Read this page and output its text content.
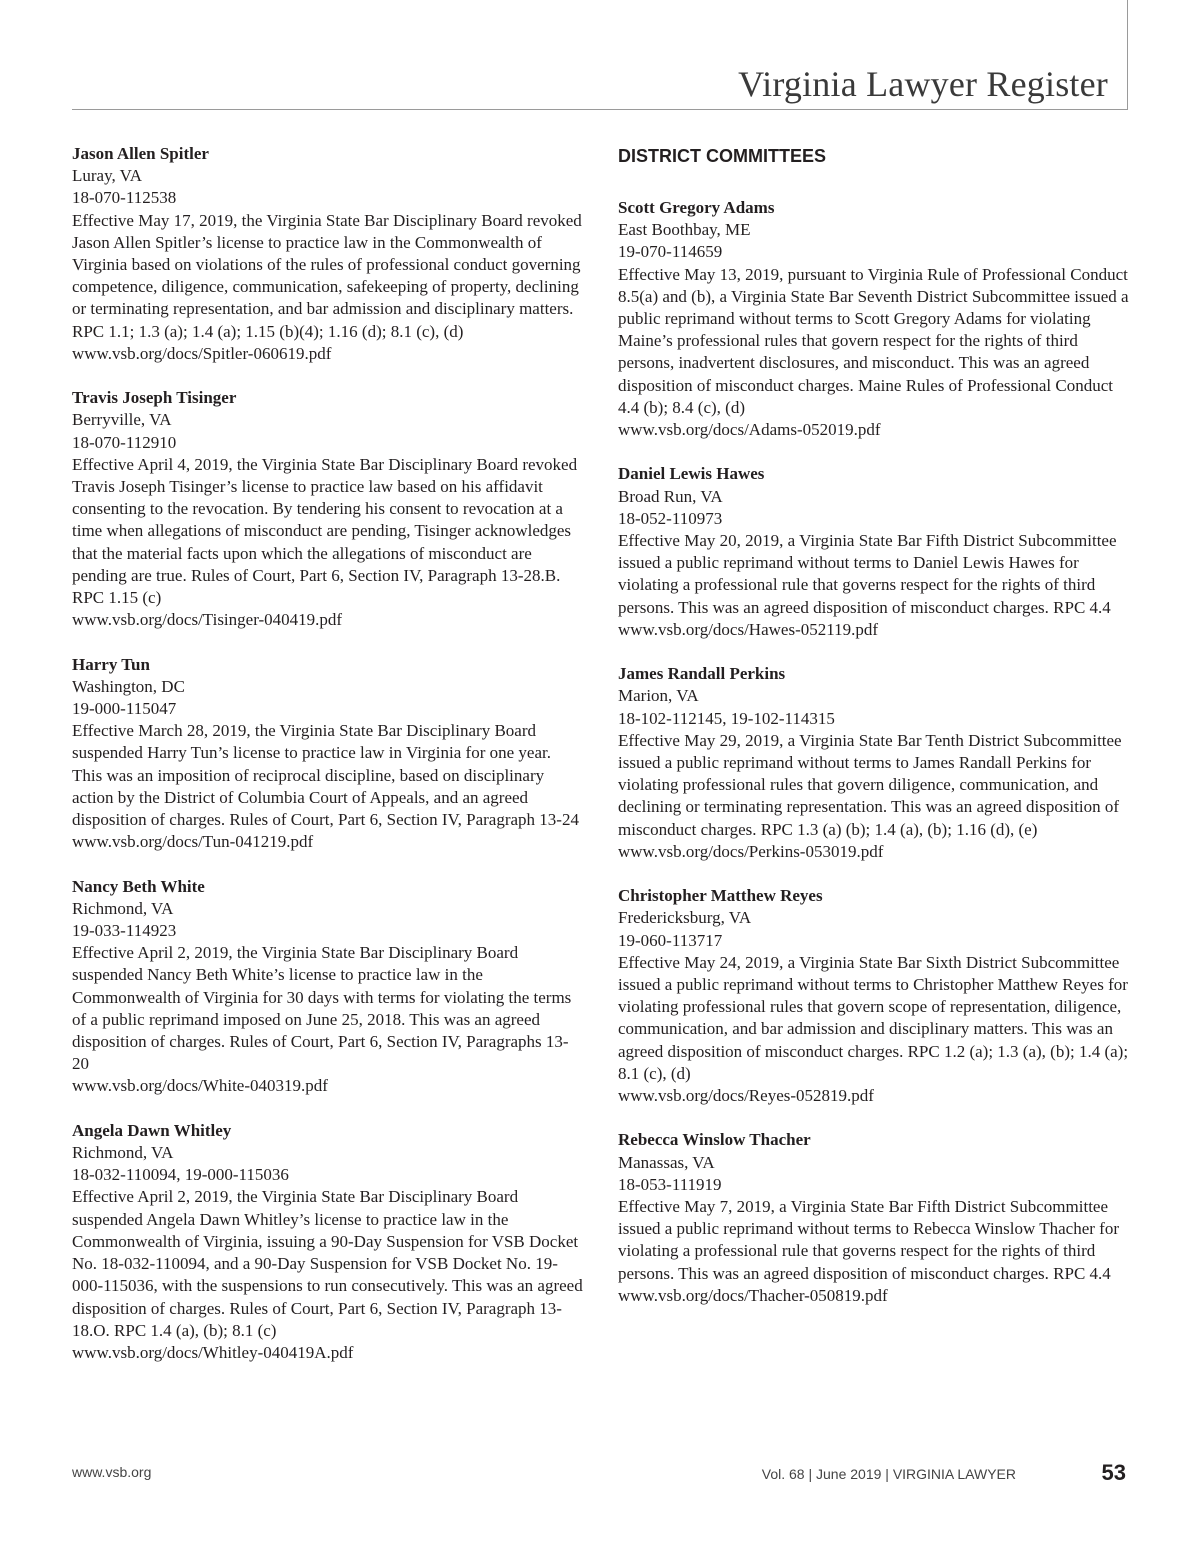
Virginia Lawyer Register
Jason Allen Spitler
Luray, VA
18-070-112538
Effective May 17, 2019, the Virginia State Bar Disciplinary Board revoked Jason Allen Spitler’s license to practice law in the Commonwealth of Virginia based on violations of the rules of professional conduct governing competence, diligence, communication, safekeeping of property, declining or terminating representation, and bar admission and disciplinary matters. RPC 1.1; 1.3 (a); 1.4 (a); 1.15 (b)(4); 1.16 (d); 8.1 (c), (d)
www.vsb.org/docs/Spitler-060619.pdf
Travis Joseph Tisinger
Berryville, VA
18-070-112910
Effective April 4, 2019, the Virginia State Bar Disciplinary Board revoked Travis Joseph Tisinger’s license to practice law based on his affidavit consenting to the revocation. By tendering his consent to revocation at a time when allegations of misconduct are pending, Tisinger acknowledges that the material facts upon which the allegations of misconduct are pending are true. Rules of Court, Part 6, Section IV, Paragraph 13-28.B. RPC 1.15 (c)
www.vsb.org/docs/Tisinger-040419.pdf
Harry Tun
Washington, DC
19-000-115047
Effective March 28, 2019, the Virginia State Bar Disciplinary Board suspended Harry Tun’s license to practice law in Virginia for one year. This was an imposition of reciprocal discipline, based on disciplinary action by the District of Columbia Court of Appeals, and an agreed disposition of charges. Rules of Court, Part 6, Section IV, Paragraph 13-24
www.vsb.org/docs/Tun-041219.pdf
Nancy Beth White
Richmond, VA
19-033-114923
Effective April 2, 2019, the Virginia State Bar Disciplinary Board suspended Nancy Beth White’s license to practice law in the Commonwealth of Virginia for 30 days with terms for violating the terms of a public reprimand imposed on June 25, 2018. This was an agreed disposition of charges. Rules of Court, Part 6, Section IV, Paragraphs 13-20
www.vsb.org/docs/White-040319.pdf
Angela Dawn Whitley
Richmond, VA
18-032-110094, 19-000-115036
Effective April 2, 2019, the Virginia State Bar Disciplinary Board suspended Angela Dawn Whitley’s license to practice law in the Commonwealth of Virginia, issuing a 90-Day Suspension for VSB Docket No. 18-032-110094, and a 90-Day Suspension for VSB Docket No. 19-000-115036, with the suspensions to run consecutively. This was an agreed disposition of charges. Rules of Court, Part 6, Section IV, Paragraph 13-18.O. RPC 1.4 (a), (b); 8.1 (c)
www.vsb.org/docs/Whitley-040419A.pdf
DISTRICT COMMITTEES
Scott Gregory Adams
East Boothbay, ME
19-070-114659
Effective May 13, 2019, pursuant to Virginia Rule of Professional Conduct 8.5(a) and (b), a Virginia State Bar Seventh District Subcommittee issued a public reprimand without terms to Scott Gregory Adams for violating Maine’s professional rules that govern respect for the rights of third persons, inadvertent disclosures, and misconduct. This was an agreed disposition of misconduct charges. Maine Rules of Professional Conduct 4.4 (b); 8.4 (c), (d)
www.vsb.org/docs/Adams-052019.pdf
Daniel Lewis Hawes
Broad Run, VA
18-052-110973
Effective May 20, 2019, a Virginia State Bar Fifth District Subcommittee issued a public reprimand without terms to Daniel Lewis Hawes for violating a professional rule that governs respect for the rights of third persons. This was an agreed disposition of misconduct charges. RPC 4.4
www.vsb.org/docs/Hawes-052119.pdf
James Randall Perkins
Marion, VA
18-102-112145, 19-102-114315
Effective May 29, 2019, a Virginia State Bar Tenth District Subcommittee issued a public reprimand without terms to James Randall Perkins for violating professional rules that govern diligence, communication, and declining or terminating representation. This was an agreed disposition of misconduct charges. RPC 1.3 (a) (b); 1.4 (a), (b); 1.16 (d), (e)
www.vsb.org/docs/Perkins-053019.pdf
Christopher Matthew Reyes
Fredericksburg, VA
19-060-113717
Effective May 24, 2019, a Virginia State Bar Sixth District Subcommittee issued a public reprimand without terms to Christopher Matthew Reyes for violating professional rules that govern scope of representation, diligence, communication, and bar admission and disciplinary matters. This was an agreed disposition of misconduct charges. RPC 1.2 (a); 1.3 (a), (b); 1.4 (a); 8.1 (c), (d)
www.vsb.org/docs/Reyes-052819.pdf
Rebecca Winslow Thacher
Manassas, VA
18-053-111919
Effective May 7, 2019, a Virginia State Bar Fifth District Subcommittee issued a public reprimand without terms to Rebecca Winslow Thacher for violating a professional rule that governs respect for the rights of third persons. This was an agreed disposition of misconduct charges. RPC 4.4
www.vsb.org/docs/Thacher-050819.pdf
www.vsb.org	Vol. 68 | June 2019 | VIRGINIA LAWYER	53
